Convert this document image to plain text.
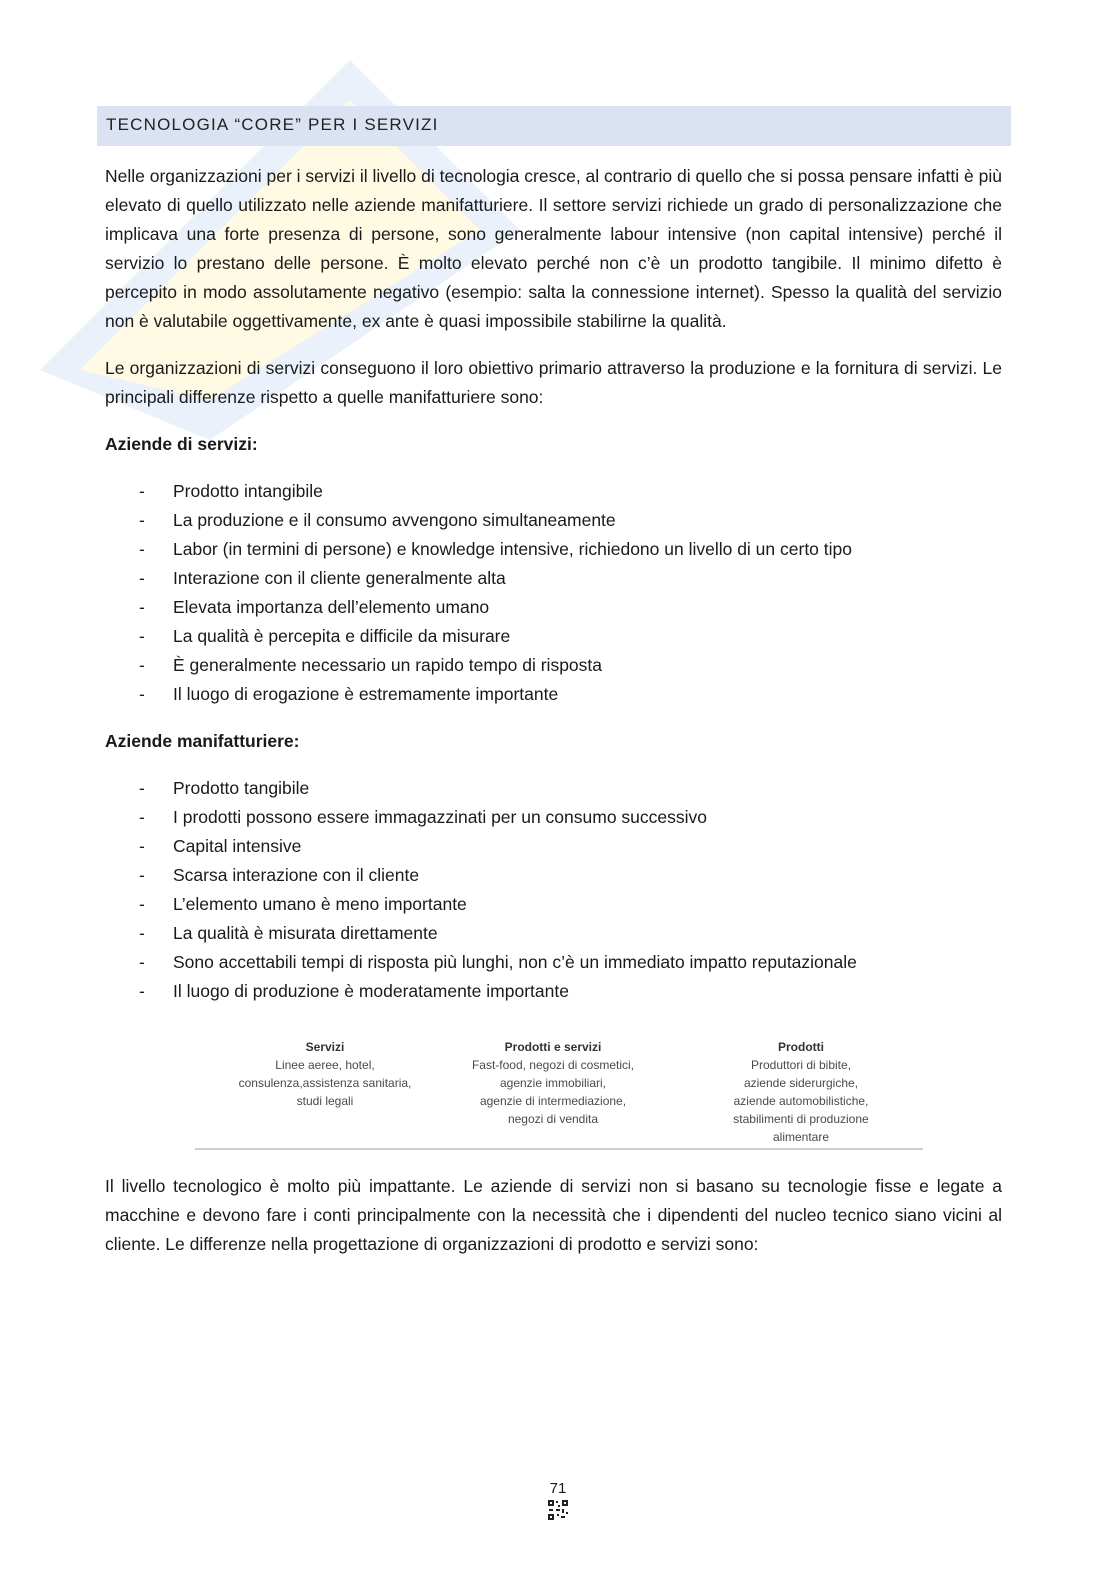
TECNOLOGIA “CORE” PER I SERVIZI

Nelle organizzazioni per i servizi il livello di tecnologia cresce, al contrario di quello che si possa pensare infatti è più elevato di quello utilizzato nelle aziende manifatturiere. Il settore servizi richiede un grado di personalizzazione che implicava una forte presenza di persone, sono generalmente labour intensive (non capital intensive) perché il servizio lo prestano delle persone. È molto elevato perché non c’è un prodotto tangibile. Il minimo difetto è percepito in modo assolutamente negativo (esempio: salta la connessione internet). Spesso la qualità del servizio non è valutabile oggettivamente, ex ante è quasi impossibile stabilirne la qualità.

Le organizzazioni di servizi conseguono il loro obiettivo primario attraverso la produzione e la fornitura di servizi. Le principali differenze rispetto a quelle manifatturiere sono:

Aziende di servizi:
- Prodotto intangibile
- La produzione e il consumo avvengono simultaneamente
- Labor (in termini di persone) e knowledge intensive, richiedono un livello di un certo tipo
- Interazione con il cliente generalmente alta
- Elevata importanza dell’elemento umano
- La qualità è percepita e difficile da misurare
- È generalmente necessario un rapido tempo di risposta
- Il luogo di erogazione è estremamente importante
Aziende manifatturiere:
- Prodotto tangibile
- I prodotti possono essere immagazzinati per un consumo successivo
- Capital intensive
- Scarsa interazione con il cliente
- L’elemento umano è meno importante
- La qualità è misurata direttamente
- Sono accettabili tempi di risposta più lunghi, non c’è un immediato impatto reputazionale
- Il luogo di produzione è moderatamente importante
Servizi
Linee aeree, hotel,
consulenza,assistenza sanitaria,
studi legali
Prodotti e servizi
Fast-food, negozi di cosmetici,
agenzie immobiliari,
agenzie di intermediazione,
negozi di vendita
Prodotti
Produttori di bibite,
aziende siderurgiche,
aziende automobilistiche,
stabilimenti di produzione
alimentare

Il livello tecnologico è molto più impattante. Le aziende di servizi non si basano su tecnologie fisse e legate a macchine e devono fare i conti principalmente con la necessità che i dipendenti del nucleo tecnico siano vicini al cliente. Le differenze nella progettazione di organizzazioni di prodotto e servizi sono:

71
